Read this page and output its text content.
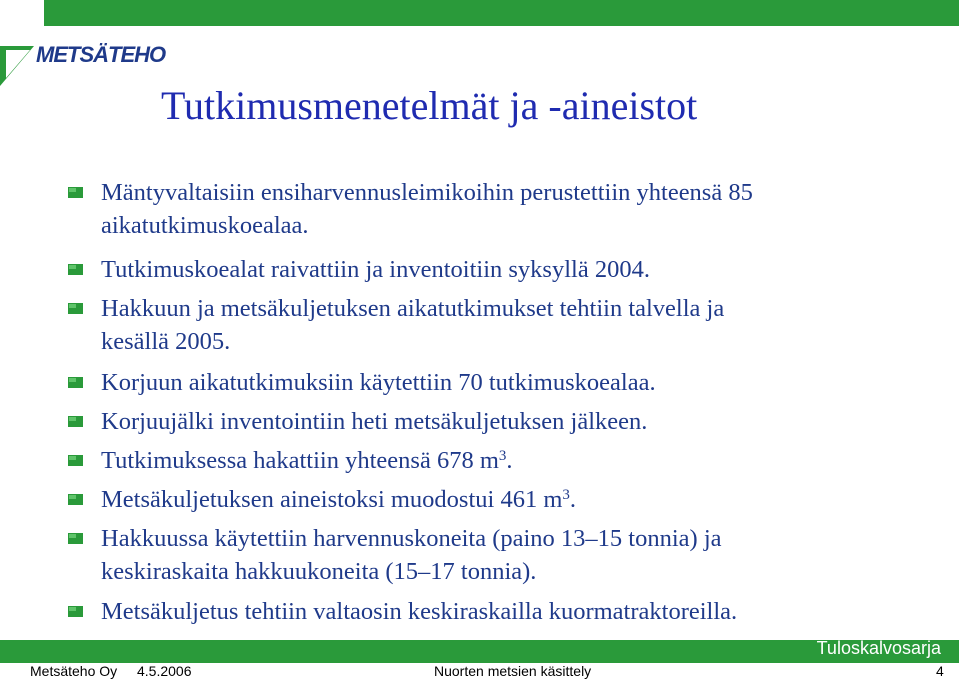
METSÄTEHO
Tutkimusmenetelmät ja -aineistot
Mäntyvaltaisiin ensiharvennusleimikoihin perustettiin yhteensä 85
aikatutkimuskoealaa.
Tutkimuskoealat raivattiin ja inventoitiin syksyllä 2004.
Hakkuun ja metsäkuljetuksen aikatutkimukset tehtiin talvella ja
kesällä 2005.
Korjuun aikatutkimuksiin käytettiin 70 tutkimuskoealaa.
Korjuujälki inventointiin heti metsäkuljetuksen jälkeen.
Tutkimuksessa hakattiin yhteensä 678 $m^3$.
Metsäkuljetuksen aineistoksi muodostui 461 $m^3$.
Hakkuussa käytettiin harvennuskoneita (paino 13–15 tonnia) ja
keskiraskaita hakkuukoneita (15–17 tonnia).
Metsäkuljetus tehtiin valtaosin keskiraskailla kuormatraktoreilla.
Tuloskalvosarja
Metsäteho Oy 4.5.2006	Nuorten metsien käsittely	4
